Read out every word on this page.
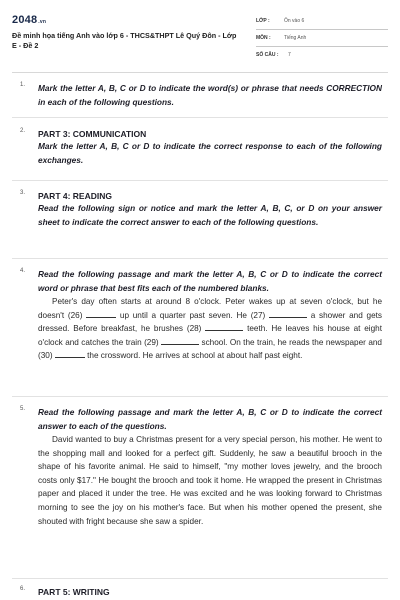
2048.vn
Đề minh họa tiếng Anh vào lớp 6 - THCS&THPT Lê Quý Đôn - Lớp E - Đề 2
LỚP :	Ôn vào 6
MÔN :	Tiếng Anh
SỐ CÂU : 7
1. Mark the letter A, B, C or D to indicate the word(s) or phrase that needs CORRECTION in each of the following questions.
2. PART 3: COMMUNICATION
Mark the letter A, B, C or D to indicate the correct response to each of the following exchanges.
3. PART 4: READING
Read the following sign or notice and mark the letter A, B, C, or D on your answer sheet to indicate the correct answer to each of the following questions.
4. Read the following passage and mark the letter A, B, C or D to indicate the correct word or phrase that best fits each of the numbered blanks.
Peter's day often starts at around 8 o'clock. Peter wakes up at seven o'clock, but he doesn't (26)	up until a quarter past seven. He (27)	a shower and gets dressed. Before breakfast, he brushes (28)	teeth. He leaves his house at eight o'clock and catches the train (29)	school. On the train, he reads the newspaper and (30)	the crossword. He arrives at school at about half past eight.
5. Read the following passage and mark the letter A, B, C or D to indicate the correct answer to each of the questions.
David wanted to buy a Christmas present for a very special person, his mother. He went to the shopping mall and looked for a perfect gift. Suddenly, he saw a beautiful brooch in the shape of his favorite animal. He said to himself, "my mother loves jewelry, and the brooch costs only $17." He bought the brooch and took it home. He wrapped the present in Christmas paper and placed it under the tree. He was excited and he was looking forward to Christmas morning to see the joy on his mother's face. But when his mother opened the present, she shouted with fright because she saw a spider.
6. PART 5: WRITING
